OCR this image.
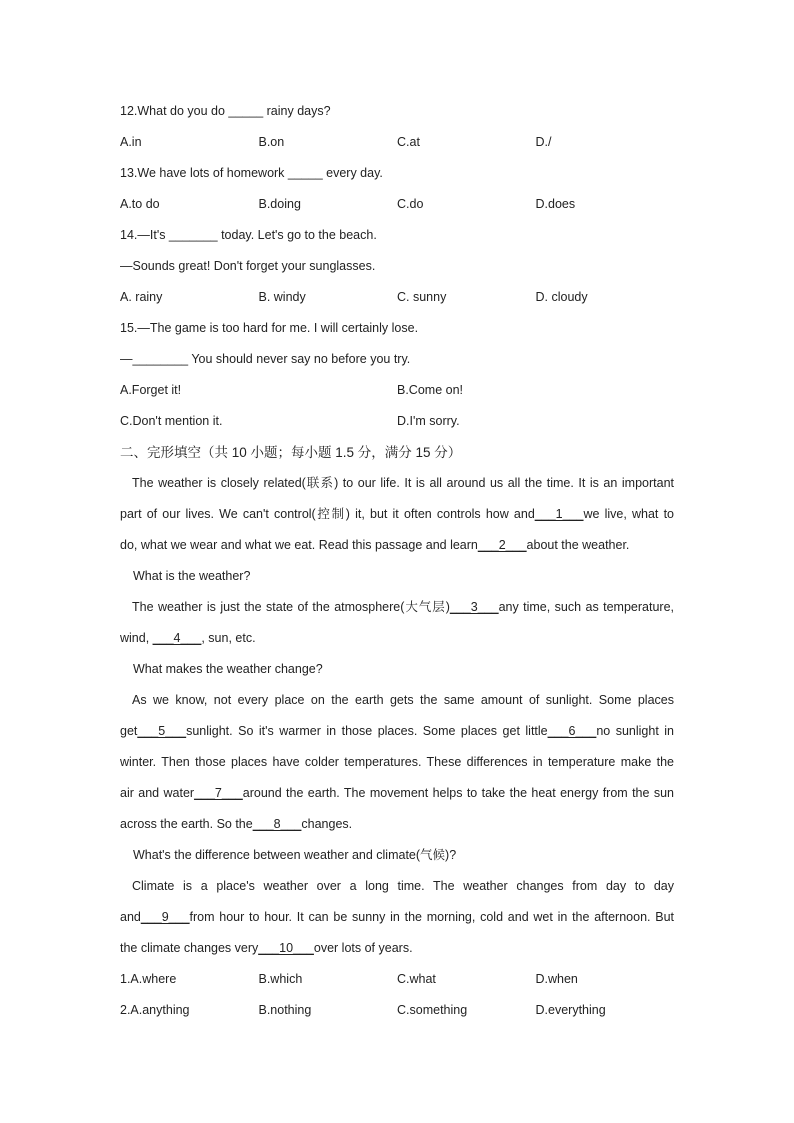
12.What do you do _____ rainy days?
A.in	B.on	C.at	D./
13.We have lots of homework _____ every day.
A.to do	B.doing	C.do	D.does
14.—It's _______ today. Let's go to the beach.
—Sounds great! Don't forget your sunglasses.
A. rainy	B. windy	C. sunny	D. cloudy
15.—The game is too hard for me. I will certainly lose.
—________ You should never say no before you try.
A.Forget it!	B.Come on!
C.Don't mention it.	D.I'm sorry.
二、完形填空（共 10 小题；每小题 1.5 分，满分 15 分）
The weather is closely related(联系) to our life. It is all around us all the time. It is an important
part of our lives. We can't control(控制) it, but it often controls how and___1___we live, what to
do, what we wear and what we eat. Read this passage and learn___2___about the weather.
What is the weather?
The weather is just the state of the atmosphere(大气层)___3___any time, such as temperature,
wind, ___4___, sun, etc.
What makes the weather change?
As we know, not every place on the earth gets the same amount of sunlight. Some places
get___5___sunlight. So it's warmer in those places. Some places get little___6___no sunlight in
winter. Then those places have colder temperatures. These differences in temperature make the
air and water___7___around the earth. The movement helps to take the heat energy from the sun
across the earth. So the___8___changes.
What's the difference between weather and climate(气候)?
Climate is a place's weather over a long time. The weather changes from day to day
and___9___from hour to hour. It can be sunny in the morning, cold and wet in the afternoon. But
the climate changes very___10___over lots of years.
1.A.where	B.which	C.what	D.when
2.A.anything	B.nothing	C.something	D.everything
